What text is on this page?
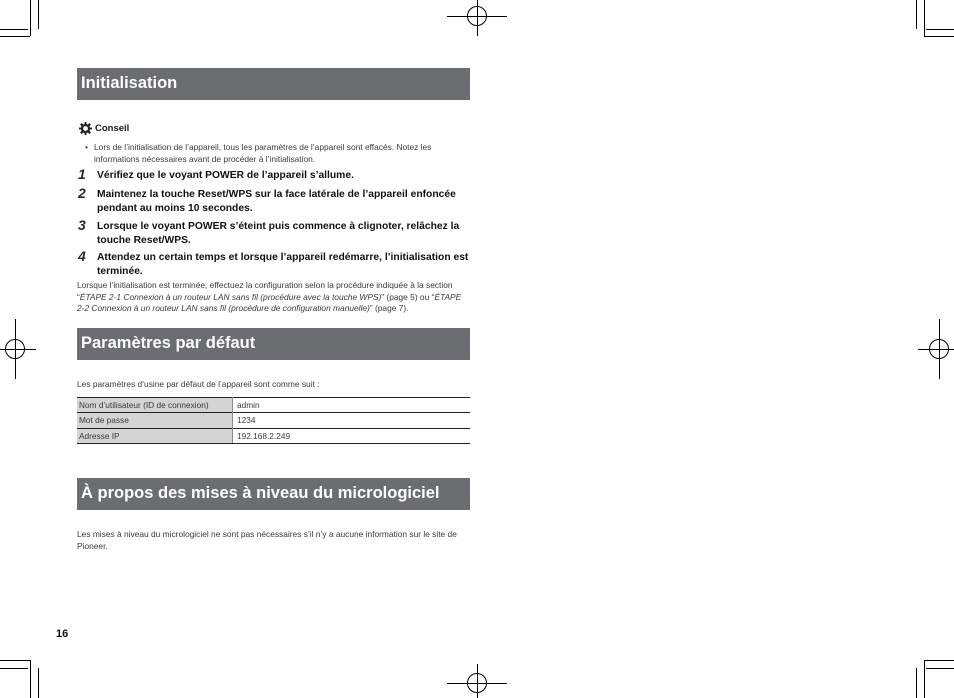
Initialisation
Conseil
• Lors de l’initialisation de l’appareil, tous les paramètres de l’appareil sont effacés. Notez les informations nécessaires avant de procéder à l’initialisation.
1 Vérifiez que le voyant POWER de l’appareil s’allume.
2 Maintenez la touche Reset/WPS sur la face latérale de l’appareil enfoncée pendant au moins 10 secondes.
3 Lorsque le voyant POWER s’éteint puis commence à clignoter, relâchez la touche Reset/WPS.
4 Attendez un certain temps et lorsque l’appareil redémarre, l’initialisation est terminée.
Lorsque l’initialisation est terminée, effectuez la configuration selon la procédure indiquée à la section “ÉTAPE 2-1 Connexion à un routeur LAN sans fil (procédure avec la touche WPS)” (page 5) ou “ÉTAPE 2-2 Connexion à un routeur LAN sans fil (procédure de configuration manuelle)” (page 7).
Paramètres par défaut
Les paramètres d’usine par défaut de l’appareil sont comme suit :
Nom d’utilisateur (ID de connexion)	admin
Mot de passe	1234
Adresse IP	192.168.2.249
À propos des mises à niveau du micrologiciel
Les mises à niveau du micrologiciel ne sont pas nécessaires s’il n’y a aucune information sur le site de Pioneer.
16
